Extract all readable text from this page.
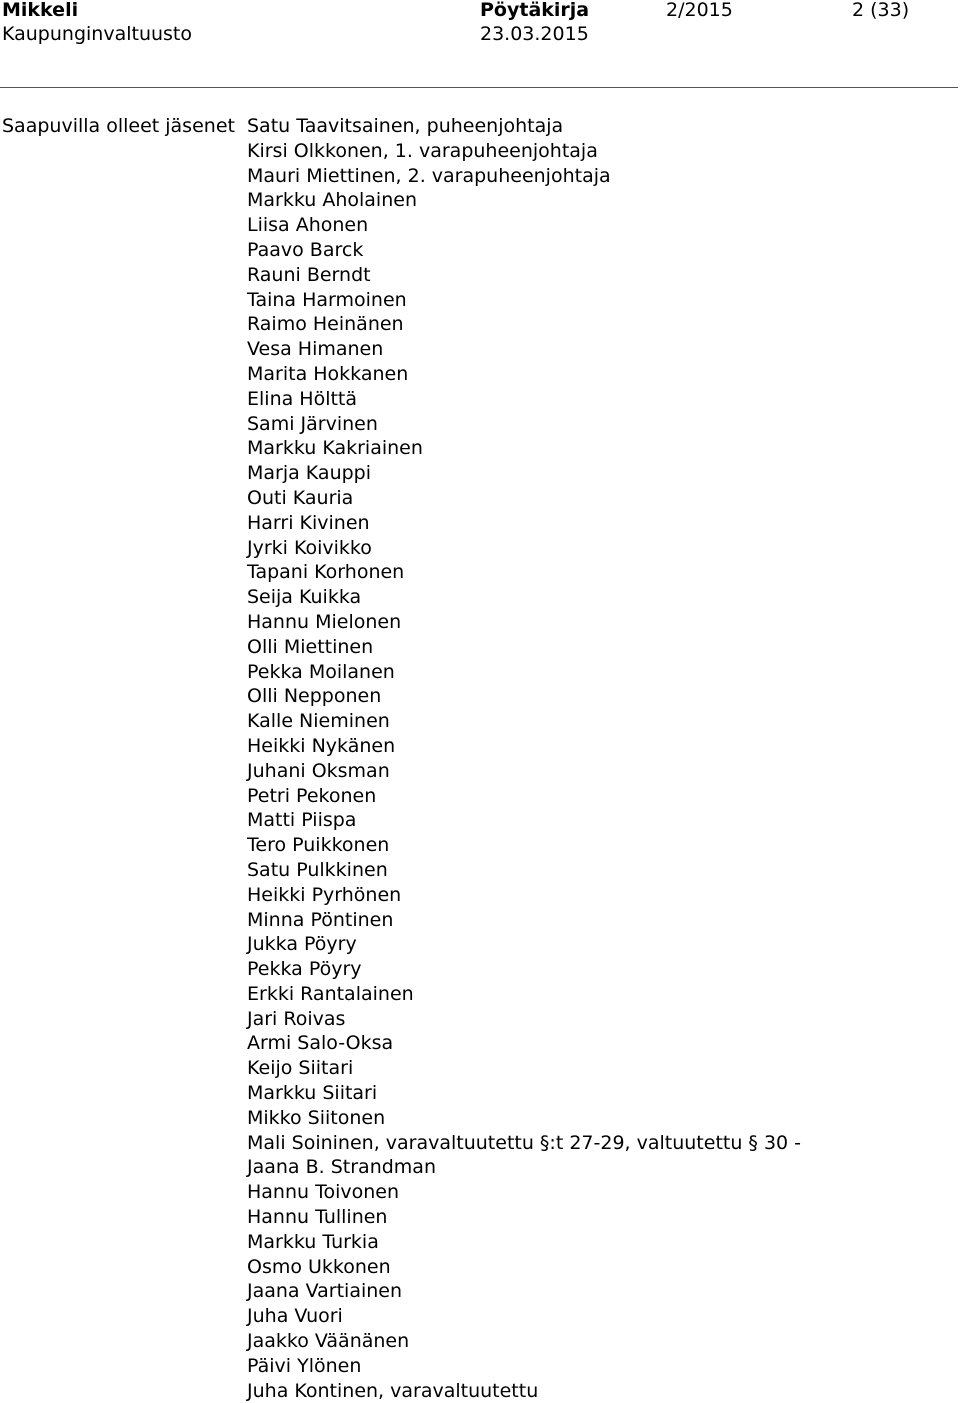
Mikkeli
Kaupunginvaltuusto
Pöytäkirja
23.03.2015
2/2015	2 (33)
Saapuvilla olleet jäsenet Satu Taavitsainen, puheenjohtaja
Kirsi Olkkonen, 1. varapuheenjohtaja
Mauri Miettinen, 2. varapuheenjohtaja
Markku Aholainen
Liisa Ahonen
Paavo Barck
Rauni Berndt
Taina Harmoinen
Raimo Heinänen
Vesa Himanen
Marita Hokkanen
Elina Hölttä
Sami Järvinen
Markku Kakriainen
Marja Kauppi
Outi Kauria
Harri Kivinen
Jyrki Koivikko
Tapani Korhonen
Seija Kuikka
Hannu Mielonen
Olli Miettinen
Pekka Moilanen
Olli Nepponen
Kalle Nieminen
Heikki Nykänen
Juhani Oksman
Petri Pekonen
Matti Piispa
Tero Puikkonen
Satu Pulkkinen
Heikki Pyrhönen
Minna Pöntinen
Jukka Pöyry
Pekka Pöyry
Erkki Rantalainen
Jari Roivas
Armi Salo-Oksa
Keijo Siitari
Markku Siitari
Mikko Siitonen
Mali Soininen, varavaltuutettu §:t 27-29, valtuutettu § 30 -
Jaana B. Strandman
Hannu Toivonen
Hannu Tullinen
Markku Turkia
Osmo Ukkonen
Jaana Vartiainen
Juha Vuori
Jaakko Väänänen
Päivi Ylönen
Juha Kontinen, varavaltuutettu
